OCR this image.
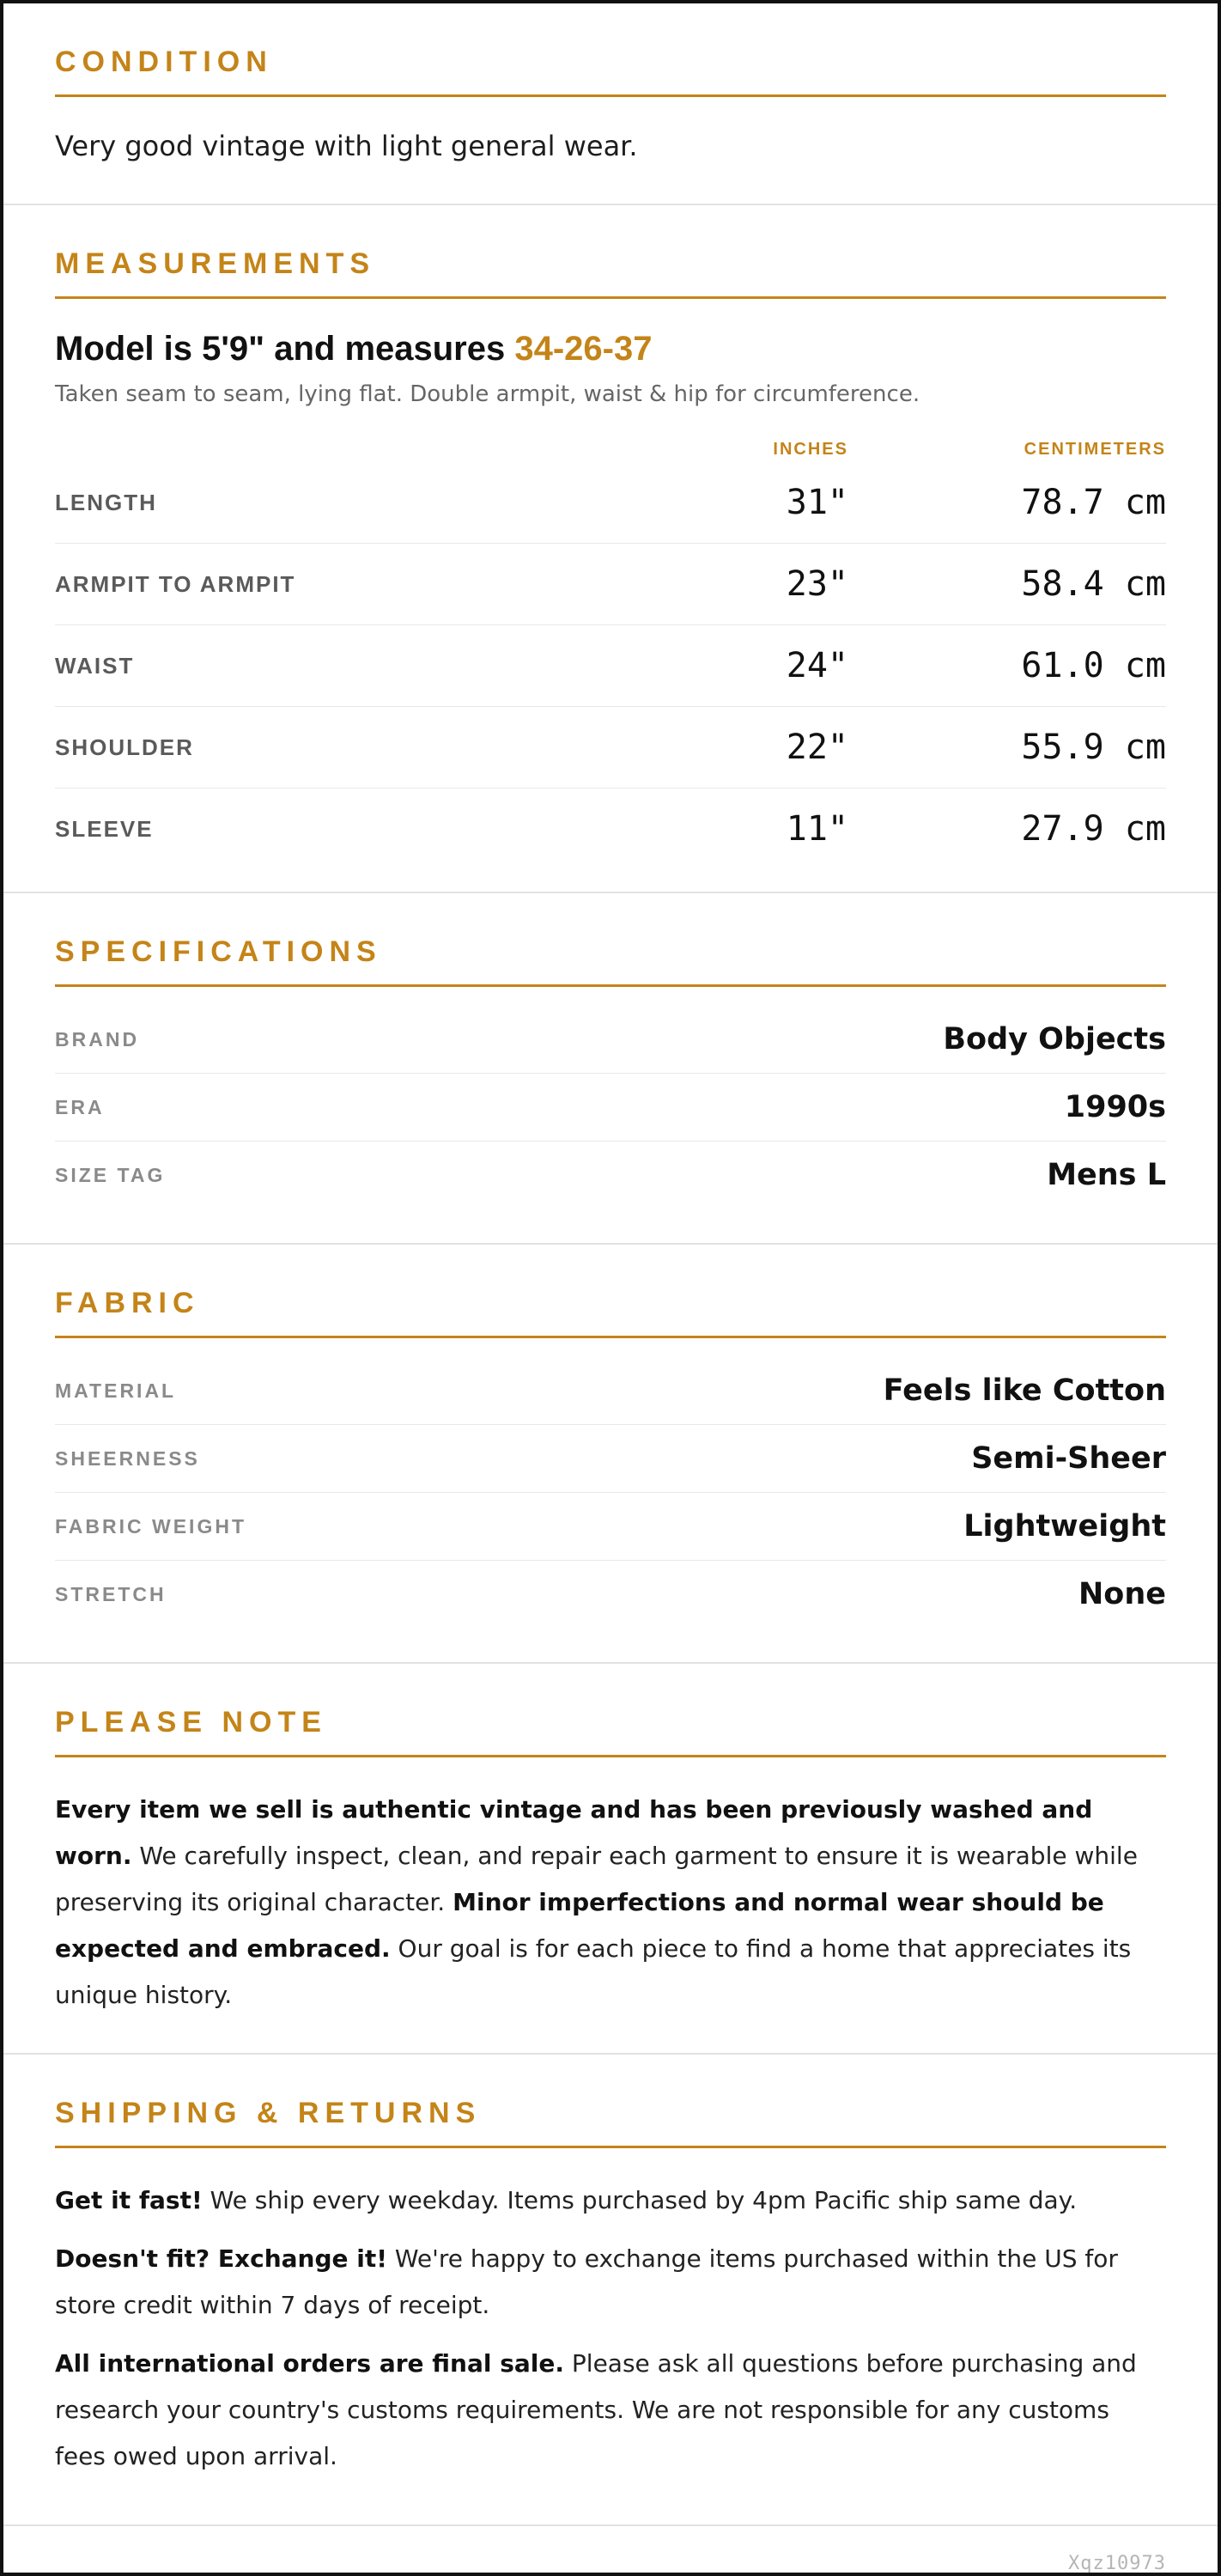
CONDITION
Very good vintage with light general wear.
MEASUREMENTS
Model is 5'9" and measures 34-26-37
Taken seam to seam, lying flat. Double armpit, waist & hip for circumference.
INCHES	CENTIMETERS
LENGTH	31"	78.7 cm
ARMPIT TO ARMPIT	23"	58.4 cm
WAIST	24"	61.0 cm
SHOULDER	22"	55.9 cm
SLEEVE	11"	27.9 cm
SPECIFICATIONS
BRAND	Body Objects
ERA	1990s
SIZE TAG	Mens L
FABRIC
MATERIAL	Feels like Cotton
SHEERNESS	Semi-Sheer
FABRIC WEIGHT	Lightweight
STRETCH	None
PLEASE NOTE
Every item we sell is authentic vintage and has been previously washed and worn. We carefully inspect, clean, and repair each garment to ensure it is wearable while preserving its original character. Minor imperfections and normal wear should be expected and embraced. Our goal is for each piece to find a home that appreciates its unique history.
SHIPPING & RETURNS
Get it fast! We ship every weekday. Items purchased by 4pm Pacific ship same day.
Doesn't fit? Exchange it! We're happy to exchange items purchased within the US for store credit within 7 days of receipt.
All international orders are final sale. Please ask all questions before purchasing and research your country's customs requirements. We are not responsible for any customs fees owed upon arrival.
Xqz10973
